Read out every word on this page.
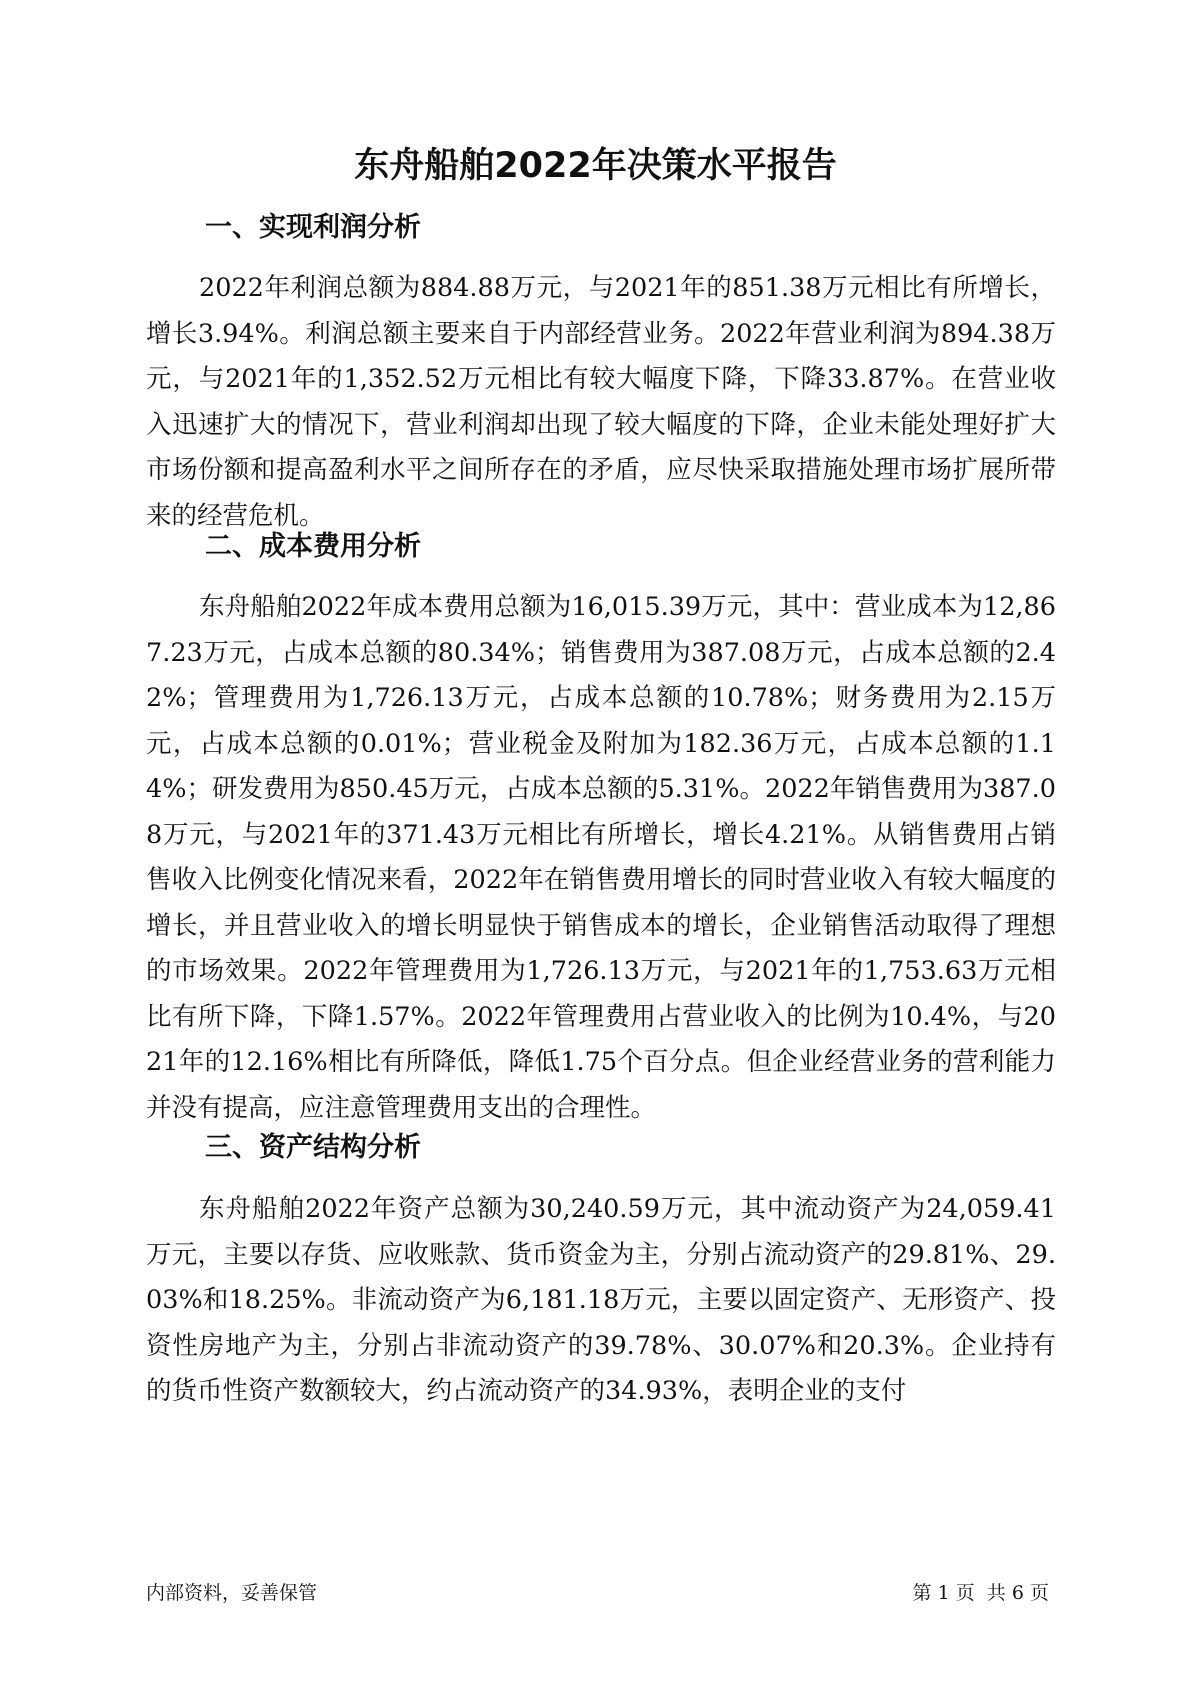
东舟船舶2022年决策水平报告
一、实现利润分析

2022年利润总额为884.88万元，与2021年的851.38万元相比有所增长，增长3.94%。利润总额主要来自于内部经营业务。2022年营业利润为894.38万元，与2021年的1,352.52万元相比有较大幅度下降，下降33.87%。在营业收入迅速扩大的情况下，营业利润却出现了较大幅度的下降，企业未能处理好扩大市场份额和提高盈利水平之间所存在的矛盾，应尽快采取措施处理市场扩展所带来的经营危机。

二、成本费用分析

东舟船舶2022年成本费用总额为16,015.39万元，其中：营业成本为12,867.23万元，占成本总额的80.34%；销售费用为387.08万元，占成本总额的2.42%；管理费用为1,726.13万元，占成本总额的10.78%；财务费用为2.15万元，占成本总额的0.01%；营业税金及附加为182.36万元，占成本总额的1.14%；研发费用为850.45万元，占成本总额的5.31%。2022年销售费用为387.08万元，与2021年的371.43万元相比有所增长，增长4.21%。从销售费用占销售收入比例变化情况来看，2022年在销售费用增长的同时营业收入有较大幅度的增长，并且营业收入的增长明显快于销售成本的增长，企业销售活动取得了理想的市场效果。2022年管理费用为1,726.13万元，与2021年的1,753.63万元相比有所下降，下降1.57%。2022年管理费用占营业收入的比例为10.4%，与2021年的12.16%相比有所降低，降低1.75个百分点。但企业经营业务的营利能力并没有提高，应注意管理费用支出的合理性。

三、资产结构分析

东舟船舶2022年资产总额为30,240.59万元，其中流动资产为24,059.41万元，主要以存货、应收账款、货币资金为主，分别占流动资产的29.81%、29.03%和18.25%。非流动资产为6,181.18万元，主要以固定资产、无形资产、投资性房地产为主，分别占非流动资产的39.78%、30.07%和20.3%。企业持有的货币性资产数额较大，约占流动资产的34.93%，表明企业的支付

内部资料，妥善保管	第 1 页  共 6 页
